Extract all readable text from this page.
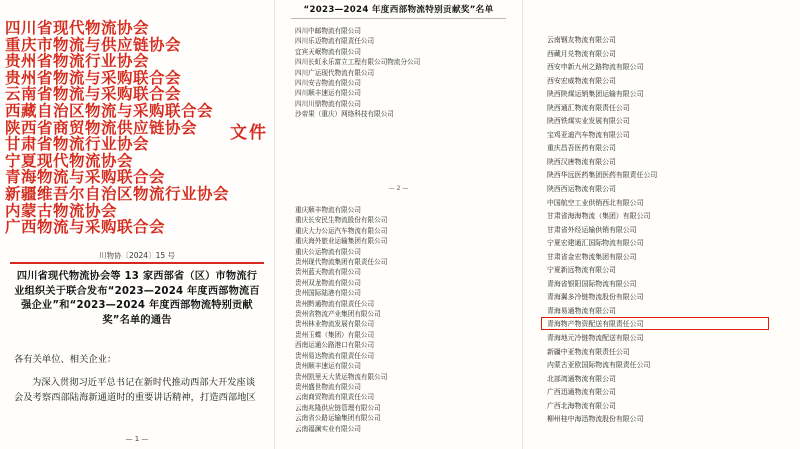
四川省现代物流协会
重庆市物流与供应链协会
贵州省物流行业协会
贵州省物流与采购联合会
云南省物流与采购联合会
西藏自治区物流与采购联合会
陕西省商贸物流供应链协会
甘肃省物流行业协会
宁夏现代物流协会
青海物流与采购联合会
新疆维吾尔自治区物流行业协会
内蒙古物流协会
广西物流与采购联合会
文件
川物协〔2024〕15 号
四川省现代物流协会等 13 家西部省（区）市物流行业组织关于联合发布“2023—2024 年度西部物流百强企业”和“2023—2024 年度西部物流特别贡献奖”名单的通告

各有关单位、相关企业：

为深入贯彻习近平总书记在新时代推动西部大开发座谈会及考察西部陆海新通道时的重要讲话精神，打造西部地区

— 1 —
“2023—2024 年度西部物流特别贡献奖”名单
四川中邮物流有限公司
四川乐迈物流有限责任公司
宜宾天岷物流有限公司
四川长虹永乐富立工程有限公司物流分公司
四川广运现代物流有限公司
四川安吉物流有限公司
四川顺丰速运有限公司
四川川鼎物流有限公司
沙帝果（重庆）网络科技有限公司
— 2 —
重庆顺丰物流有限公司
重庆长安民生物流股份有限公司
重庆大力公运汽车物流有限公司
重庆海外旅业运输集团有限公司
重庆公运物流有限公司
贵州现代物流集团有限责任公司
贵州蓝天物流有限公司
贵州双龙物流有限公司
贵州国际陆港有限公司
贵州黔通物流有限责任公司
贵州省物流产业集团有限公司
贵州林业物流发展有限公司
贵州玉蝶（集团）有限公司
西南运通公路港口有限公司
贵州易达物流有限责任公司
贵州顺丰速运有限公司
贵州凯里天大货运物流有限公司
贵州盛世物流有限公司
云南商贸物流有限责任公司
云南兆隆供应链管理有限公司
云南省公路运输集团有限公司
云南福澜实业有限公司
云南钢友物流有限公司
西藏月兑物流有限公司
西安申新九州之路物流有限公司
西安宏威物流有限公司
陕西陕煤运销集团运输有限公司
陕西通汇物流有限责任公司
陕西铁煤实业发展有限公司
宝鸡亚迪汽车物流有限公司
重庆昌吾医药有限公司
陕西汉唐物流有限公司
陕西华远医药集团医药有限责任公司
陕西西运物流有限公司
中国航空工业供销西北有限公司
甘肃省海海物流（集团）有限公司
甘肃省外经运输供销有限公司
宁夏宏建通汇国际物流有限公司
甘肃省金宏物流集团有限公司
宁夏新远物流有限公司
青海省银阳国际物流有限公司
青海翼多冷链物流股份有限公司
青海易通物流有限公司
青海物产物资配送有限责任公司
青海地元冷链物流配送有限公司
新疆中亚物流有限责任公司
内蒙古亚欧国际物流有限责任公司
北部湾通物流有限公司
广西迅通物流有限公司
广西北海物流有限公司
柳州桂中海迅物流股份有限公司
